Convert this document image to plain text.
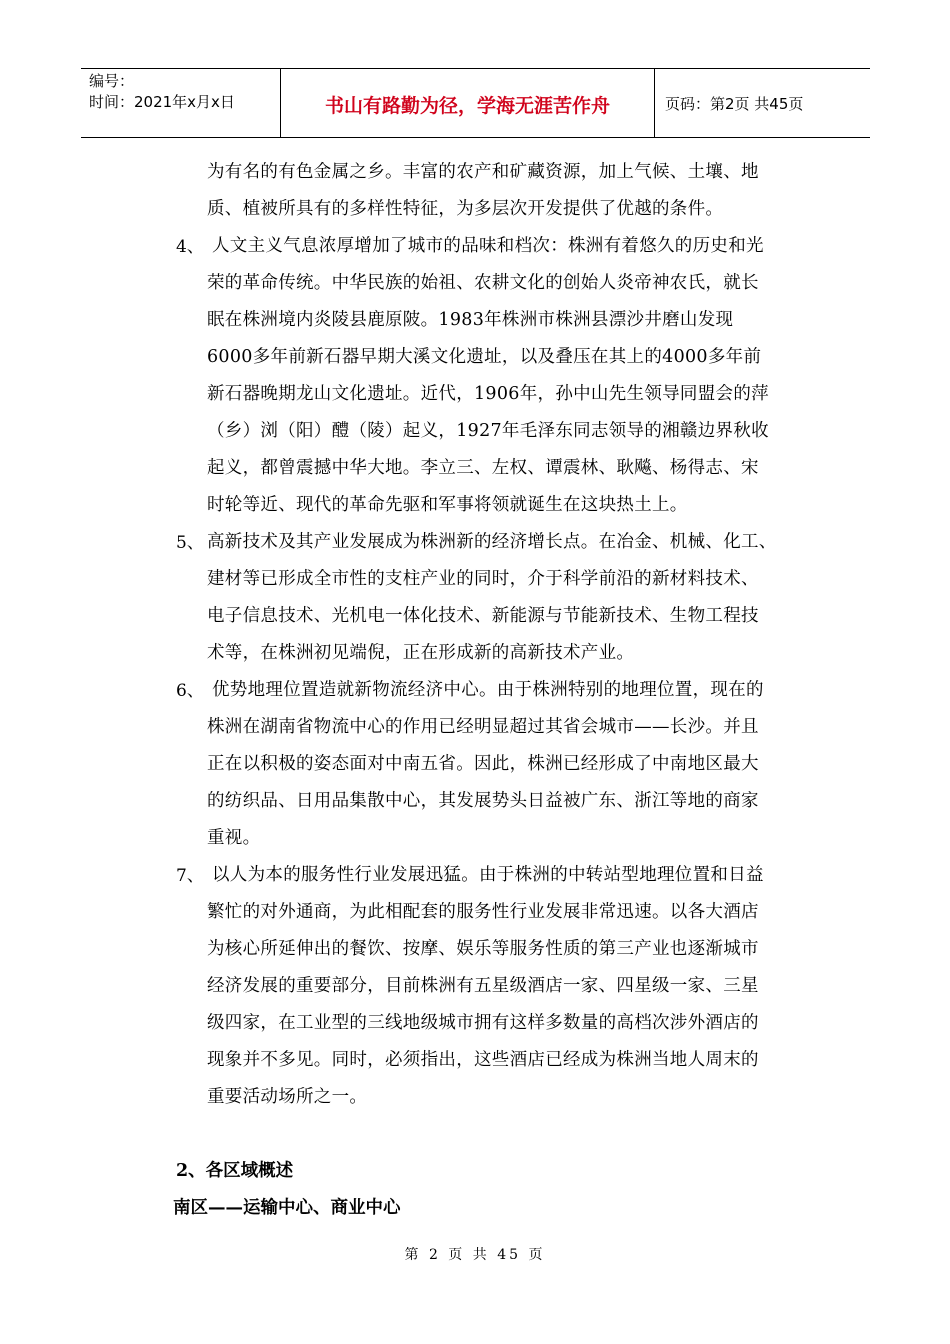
编号：
时间：2021年x月x日	书山有路勤为径，学海无涯苦作舟	页码：第2页 共45页
为有名的有色金属之乡。丰富的农产和矿藏资源，加上气候、土壤、地
质、植被所具有的多样性特征，为多层次开发提供了优越的条件。
4、 人文主义气息浓厚增加了城市的品味和档次：株洲有着悠久的历史和光
荣的革命传统。中华民族的始祖、农耕文化的创始人炎帝神农氏，就长
眠在株洲境内炎陵县鹿原陂。1983年株洲市株洲县漂沙井磨山发现
6000多年前新石器早期大溪文化遗址，以及叠压在其上的4000多年前
新石器晚期龙山文化遗址。近代，1906年，孙中山先生领导同盟会的萍
（乡）浏（阳）醴（陵）起义，1927年毛泽东同志领导的湘赣边界秋收
起义，都曾震撼中华大地。李立三、左权、谭震林、耿飚、杨得志、宋
时轮等近、现代的革命先驱和军事将领就诞生在这块热土上。
5、 高新技术及其产业发展成为株洲新的经济增长点。在冶金、机械、化工、
建材等已形成全市性的支柱产业的同时，介于科学前沿的新材料技术、
电子信息技术、光机电一体化技术、新能源与节能新技术、生物工程技
术等，在株洲初见端倪，正在形成新的高新技术产业。
6、 优势地理位置造就新物流经济中心。由于株洲特别的地理位置，现在的
株洲在湖南省物流中心的作用已经明显超过其省会城市——长沙。并且
正在以积极的姿态面对中南五省。因此，株洲已经形成了中南地区最大
的纺织品、日用品集散中心，其发展势头日益被广东、浙江等地的商家
重视。
7、 以人为本的服务性行业发展迅猛。由于株洲的中转站型地理位置和日益
繁忙的对外通商，为此相配套的服务性行业发展非常迅速。以各大酒店
为核心所延伸出的餐饮、按摩、娱乐等服务性质的第三产业也逐渐城市
经济发展的重要部分，目前株洲有五星级酒店一家、四星级一家、三星
级四家，在工业型的三线地级城市拥有这样多数量的高档次涉外酒店的
现象并不多见。同时，必须指出，这些酒店已经成为株洲当地人周末的
重要活动场所之一。
2、各区域概述
南区——运输中心、商业中心
第 2 页 共 45 页
